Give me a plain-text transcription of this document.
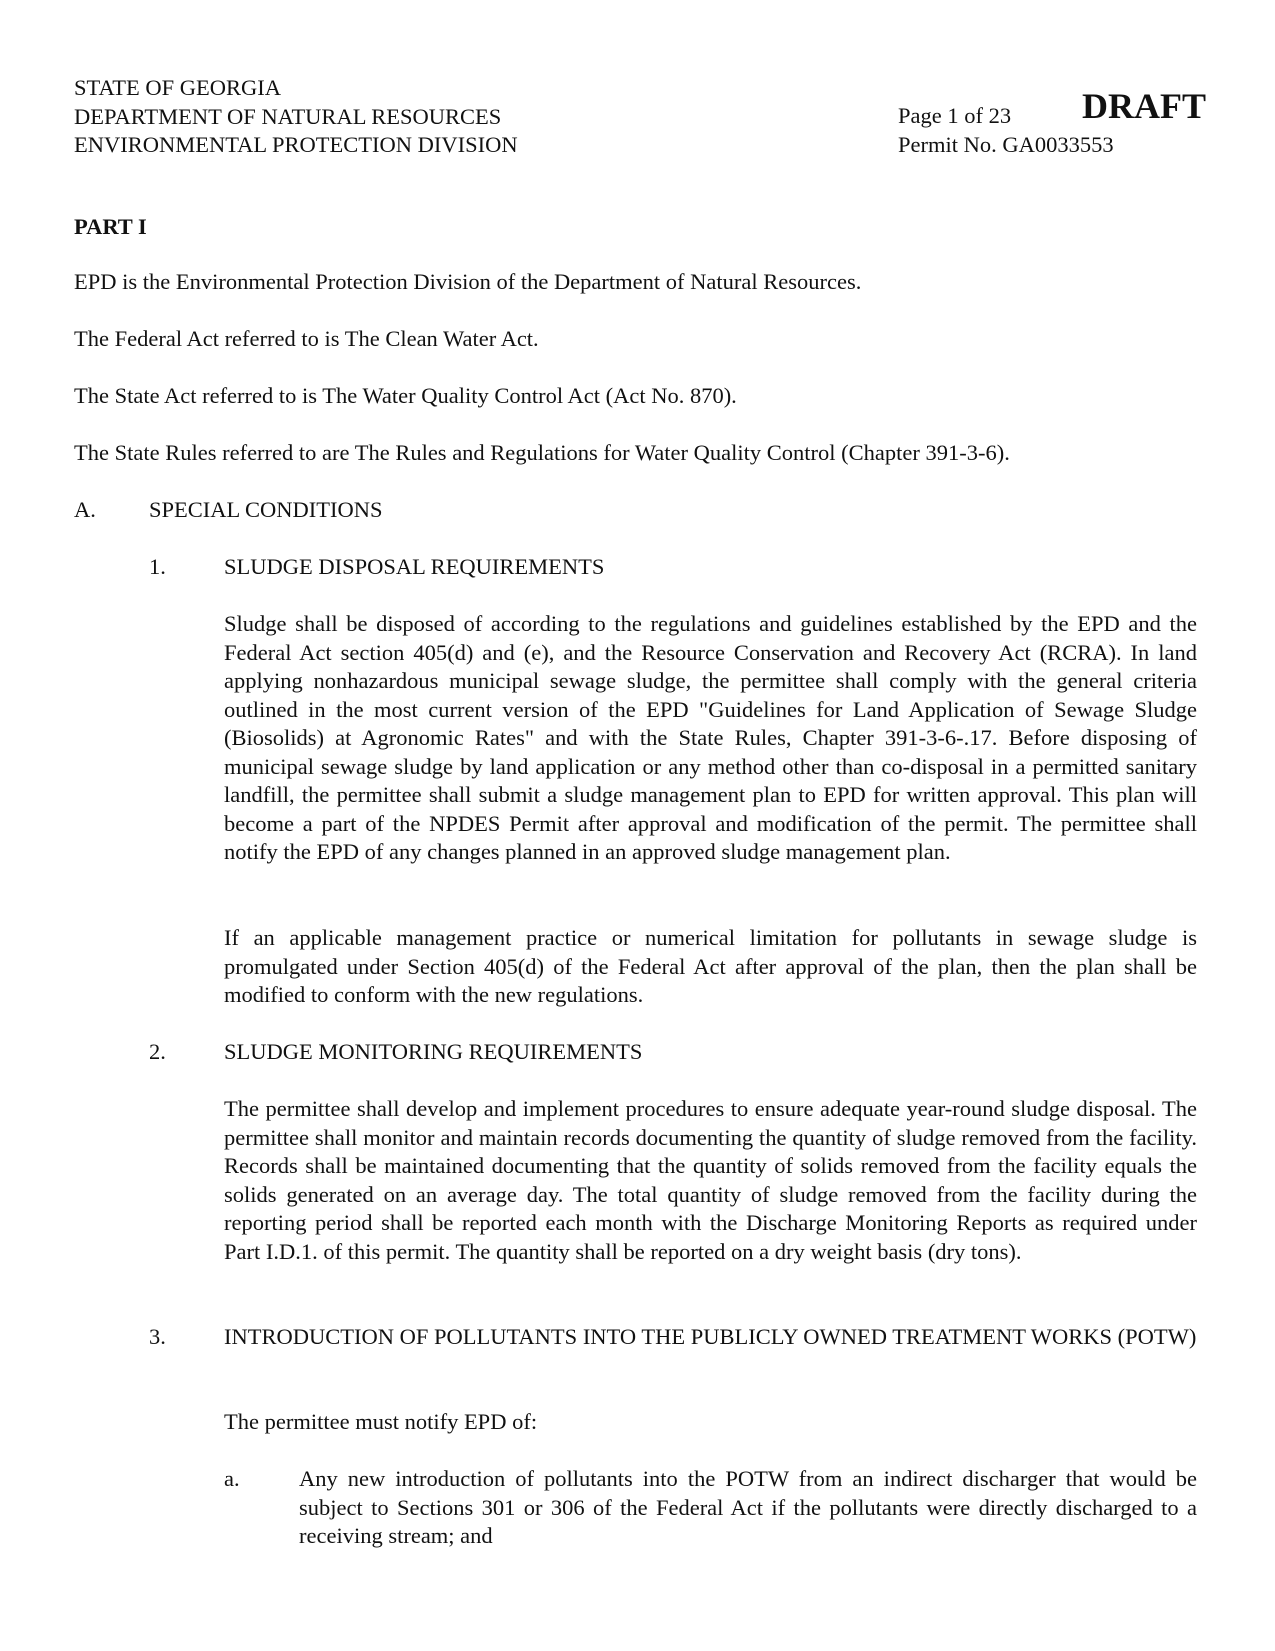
STATE OF GEORGIA
DEPARTMENT OF NATURAL RESOURCES
ENVIRONMENTAL PROTECTION DIVISION
Page 1 of 23
Permit No. GA0033553
DRAFT
PART I
EPD is the Environmental Protection Division of the Department of Natural Resources.
The Federal Act referred to is The Clean Water Act.
The State Act referred to is The Water Quality Control Act (Act No. 870).
The State Rules referred to are The Rules and Regulations for Water Quality Control (Chapter 391-3-6).
A. SPECIAL CONDITIONS
1.	SLUDGE DISPOSAL REQUIREMENTS
Sludge shall be disposed of according to the regulations and guidelines established by the EPD and the Federal Act section 405(d) and (e), and the Resource Conservation and Recovery Act (RCRA). In land applying nonhazardous municipal sewage sludge, the permittee shall comply with the general criteria outlined in the most current version of the EPD "Guidelines for Land Application of Sewage Sludge (Biosolids) at Agronomic Rates" and with the State Rules, Chapter 391-3-6-.17. Before disposing of municipal sewage sludge by land application or any method other than co-disposal in a permitted sanitary landfill, the permittee shall submit a sludge management plan to EPD for written approval. This plan will become a part of the NPDES Permit after approval and modification of the permit. The permittee shall notify the EPD of any changes planned in an approved sludge management plan.
If an applicable management practice or numerical limitation for pollutants in sewage sludge is promulgated under Section 405(d) of the Federal Act after approval of the plan, then the plan shall be modified to conform with the new regulations.
2.	SLUDGE MONITORING REQUIREMENTS
The permittee shall develop and implement procedures to ensure adequate year-round sludge disposal. The permittee shall monitor and maintain records documenting the quantity of sludge removed from the facility. Records shall be maintained documenting that the quantity of solids removed from the facility equals the solids generated on an average day. The total quantity of sludge removed from the facility during the reporting period shall be reported each month with the Discharge Monitoring Reports as required under Part I.D.1. of this permit. The quantity shall be reported on a dry weight basis (dry tons).
3.	INTRODUCTION OF POLLUTANTS INTO THE PUBLICLY OWNED TREATMENT WORKS (POTW)
The permittee must notify EPD of:
a.	Any new introduction of pollutants into the POTW from an indirect discharger that would be subject to Sections 301 or 306 of the Federal Act if the pollutants were directly discharged to a receiving stream; and
